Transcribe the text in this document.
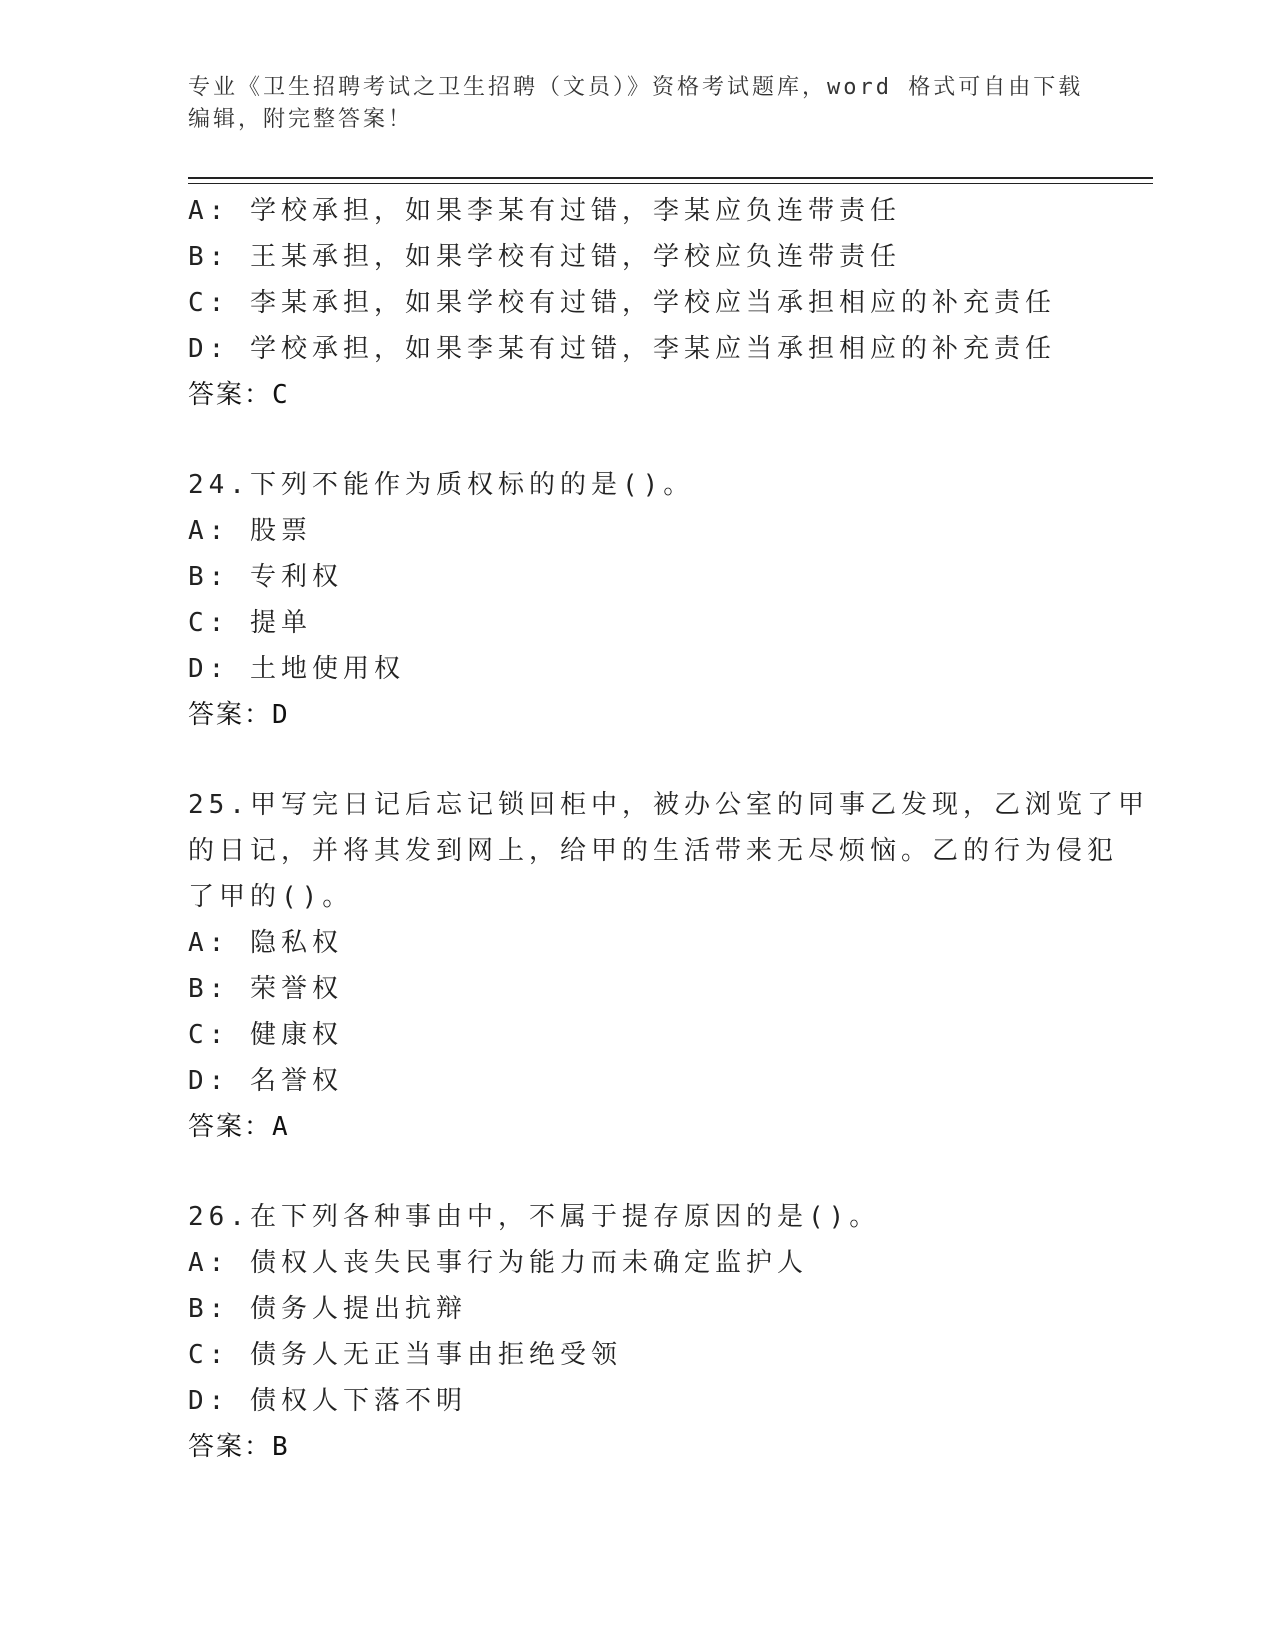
专业《卫生招聘考试之卫生招聘（文员）》资格考试题库，word 格式可自由下载
编辑，附完整答案！
A: 学校承担，如果李某有过错，李某应负连带责任
B: 王某承担，如果学校有过错，学校应负连带责任
C: 李某承担，如果学校有过错，学校应当承担相应的补充责任
D: 学校承担，如果李某有过错，李某应当承担相应的补充责任
答案：C
24.下列不能作为质权标的的是()。
A: 股票
B: 专利权
C: 提单
D: 土地使用权
答案：D
25.甲写完日记后忘记锁回柜中，被办公室的同事乙发现，乙浏览了甲
的日记，并将其发到网上，给甲的生活带来无尽烦恼。乙的行为侵犯
了甲的()。
A: 隐私权
B: 荣誉权
C: 健康权
D: 名誉权
答案：A
26.在下列各种事由中，不属于提存原因的是()。
A: 债权人丧失民事行为能力而未确定监护人
B: 债务人提出抗辩
C: 债务人无正当事由拒绝受领
D: 债权人下落不明
答案：B
